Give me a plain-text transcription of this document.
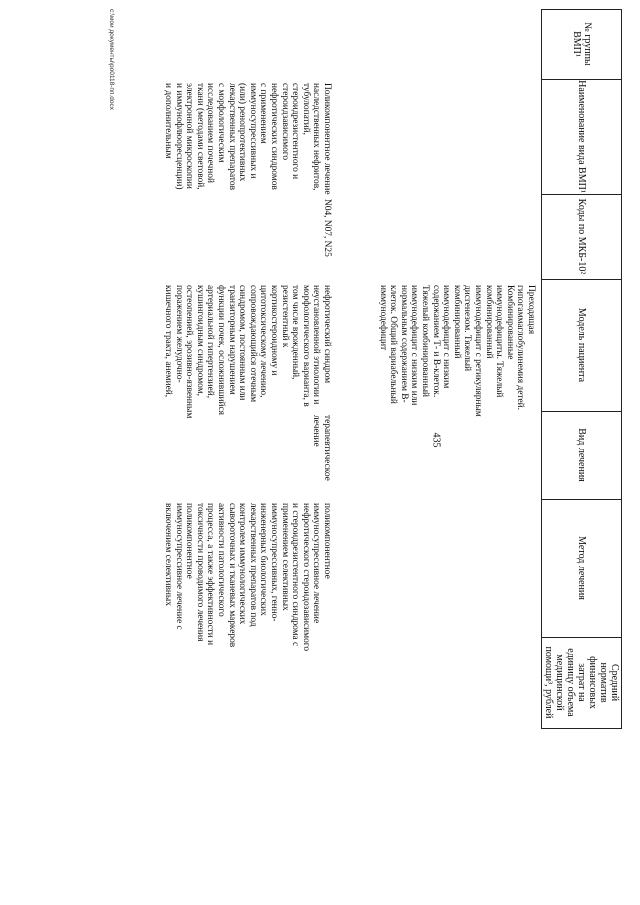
435
№ группы
ВМП¹
Наименование вида ВМП¹
Коды по МКБ-10²
Модель пациента
Вид лечения
Метод лечения
Средний
норматив
финансовых
затрат на
единицу объема
медицинской
помощи³, рублей
Преходящая
гипогаммаглобулинемия детей.
Комбинированные
иммунодефициты. Тяжелый
комбинированный
иммунодефицит с ретикулярным
дисгенезом. Тяжелый
комбинированный
иммунодефицит с низким
содержанием Т- и В-клеток.
Тяжелый комбинированный
иммунодефицит с низким или
нормальным содержанием В-
клеток. Общий вариабельный
иммунодефицит
Поликомпонентное лечение
наследственных нефритов,
тубулопатий,
стероидрезистентного и
стероидзависимого
нефротических синдромов
с применением
иммуносупрессивных и
(или) ренопротективных
лекарственных препаратов
с морфологическим
исследованием почечной
ткани (методами световой,
электронной микроскопии
и иммунофлюоресценции)
и дополнительным
N04, N07, N25
нефротический синдром
неустановленной этиологии и
морфологического варианта, в
том числе врожденный,
резистентный к
кортикостероидному и
цитотоксическому лечению,
сопровождающийся отечным
синдромом, постоянным или
транзиторным нарушением
функции почек, осложнившийся
артериальной гипертензией,
кушингоидным синдромом,
остеопенией, эрозивно-язвенным
поражением желудочно-
кишечного тракта, анемией,
терапевтическое
лечение
поликомпонентное
иммуносупрессивное лечение
нефротического стероидозависимого
и стероидрезистентного синдрома с
применением селективных
иммуносупрессивных, генно-
инженерных биологических
лекарственных препаратов под
контролем иммунологических
сывороточных и тканевых маркеров
активности патологического
процесса, а также эффективности и
токсичности проводимого лечения
поликомпонентное
иммуносупрессивное лечение с
включением селективных
c:\мои документы\ро0118-пп.docx
